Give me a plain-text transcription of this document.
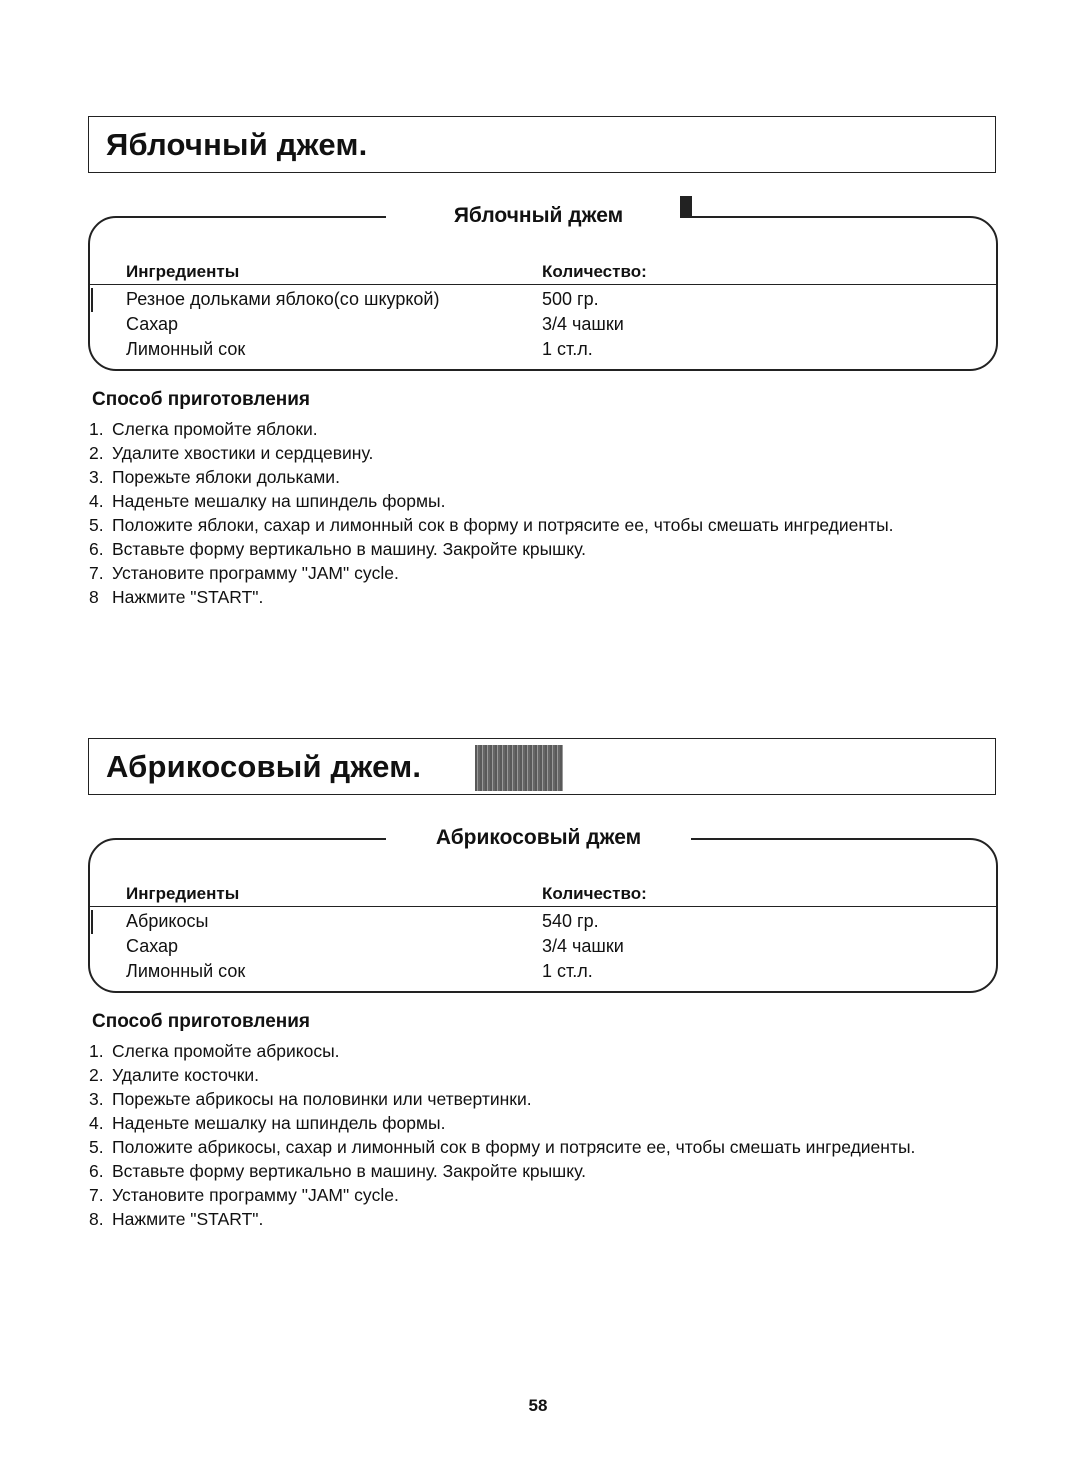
Яблочный джем.
Яблочный джем
Ингредиенты	Количество:
Резное дольками яблоко(со шкуркой)	500 гр.
Сахар	3/4 чашки
Лимонный сок	1 ст.л.
Способ приготовления
1. Слегка промойте яблоки.
2. Удалите хвостики и сердцевину.
3. Порежьте яблоки дольками.
4. Наденьте мешалку на шпиндель формы.
5. Положите яблоки, сахар и лимонный сок в форму и потрясите ее, чтобы смешать ингредиенты.
6. Вставьте форму вертикально в машину. Закройте крышку.
7. Установите программу "JAM" cycle.
8 Нажмите "START".
Абрикосовый джем.
Абрикосовый джем
Ингредиенты	Количество:
Абрикосы	540 гр.
Сахар	3/4 чашки
Лимонный сок	1 ст.л.
Способ приготовления
1. Слегка промойте абрикосы.
2. Удалите косточки.
3. Порежьте абрикосы на половинки или четвертинки.
4. Наденьте мешалку на шпиндель формы.
5. Положите абрикосы, сахар и лимонный сок в форму и потрясите ее, чтобы смешать ингредиенты.
6. Вставьте форму вертикально в машину. Закройте крышку.
7. Установите программу "JAM" cycle.
8. Нажмите "START".
58
